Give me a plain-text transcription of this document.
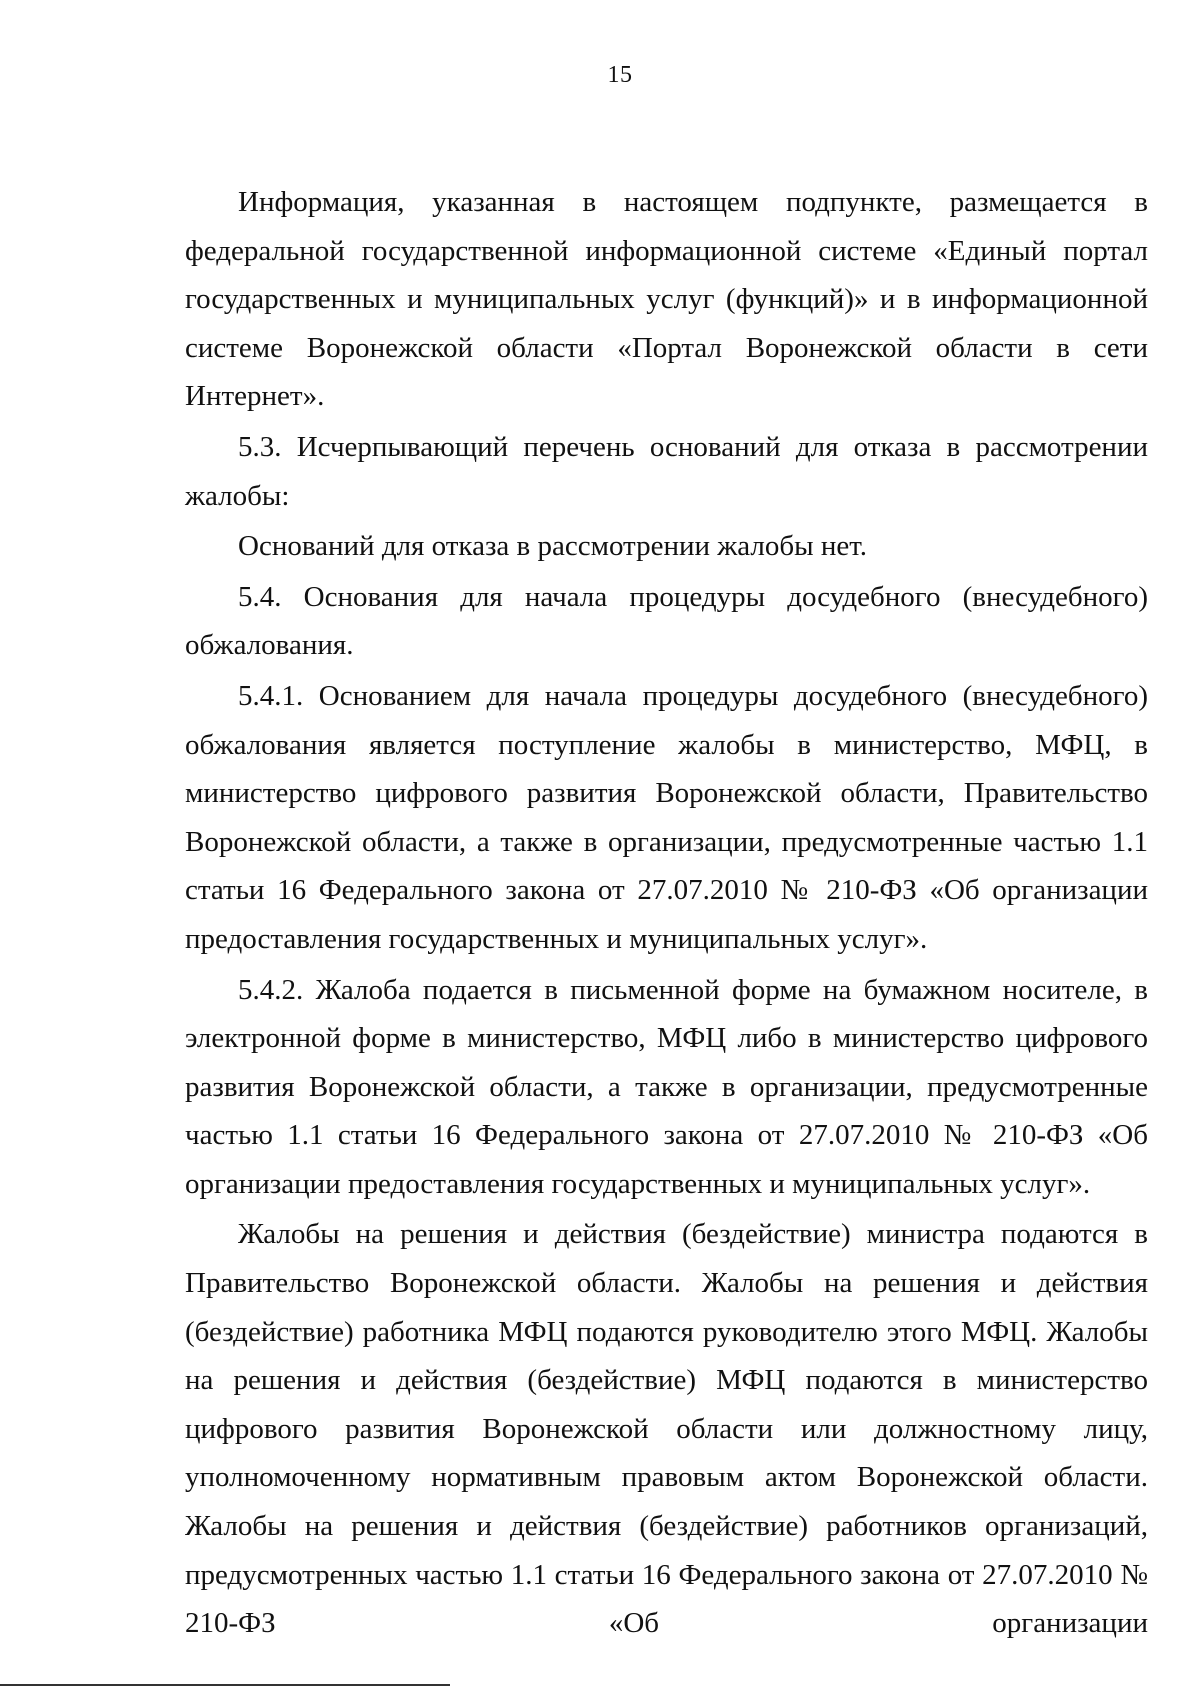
15

Информация, указанная в настоящем подпункте, размещается в федеральной государственной информационной системе «Единый портал государственных и муниципальных услуг (функций)» и в информационной системе Воронежской области «Портал Воронежской области в сети Интернет».

5.3. Исчерпывающий перечень оснований для отказа в рассмотрении жалобы:

Оснований для отказа в рассмотрении жалобы нет.

5.4. Основания для начала процедуры досудебного (внесудебного) обжалования.

5.4.1. Основанием для начала процедуры досудебного (внесудебного) обжалования является поступление жалобы в министерство, МФЦ, в министерство цифрового развития Воронежской области, Правительство Воронежской области, а также в организации, предусмотренные частью 1.1 статьи 16 Федерального закона от 27.07.2010 № 210-ФЗ «Об организации предоставления государственных и муниципальных услуг».

5.4.2. Жалоба подается в письменной форме на бумажном носителе, в электронной форме в министерство, МФЦ либо в министерство цифрового развития Воронежской области, а также в организации, предусмотренные частью 1.1 статьи 16 Федерального закона от 27.07.2010 № 210-ФЗ «Об организации предоставления государственных и муниципальных услуг».

Жалобы на решения и действия (бездействие) министра подаются в Правительство Воронежской области. Жалобы на решения и действия (бездействие) работника МФЦ подаются руководителю этого МФЦ. Жалобы на решения и действия (бездействие) МФЦ подаются в министерство цифрового развития Воронежской области или должностному лицу, уполномоченному нормативным правовым актом Воронежской области. Жалобы на решения и действия (бездействие) работников организаций, предусмотренных частью 1.1 статьи 16 Федерального закона от 27.07.2010 № 210-ФЗ «Об организации
